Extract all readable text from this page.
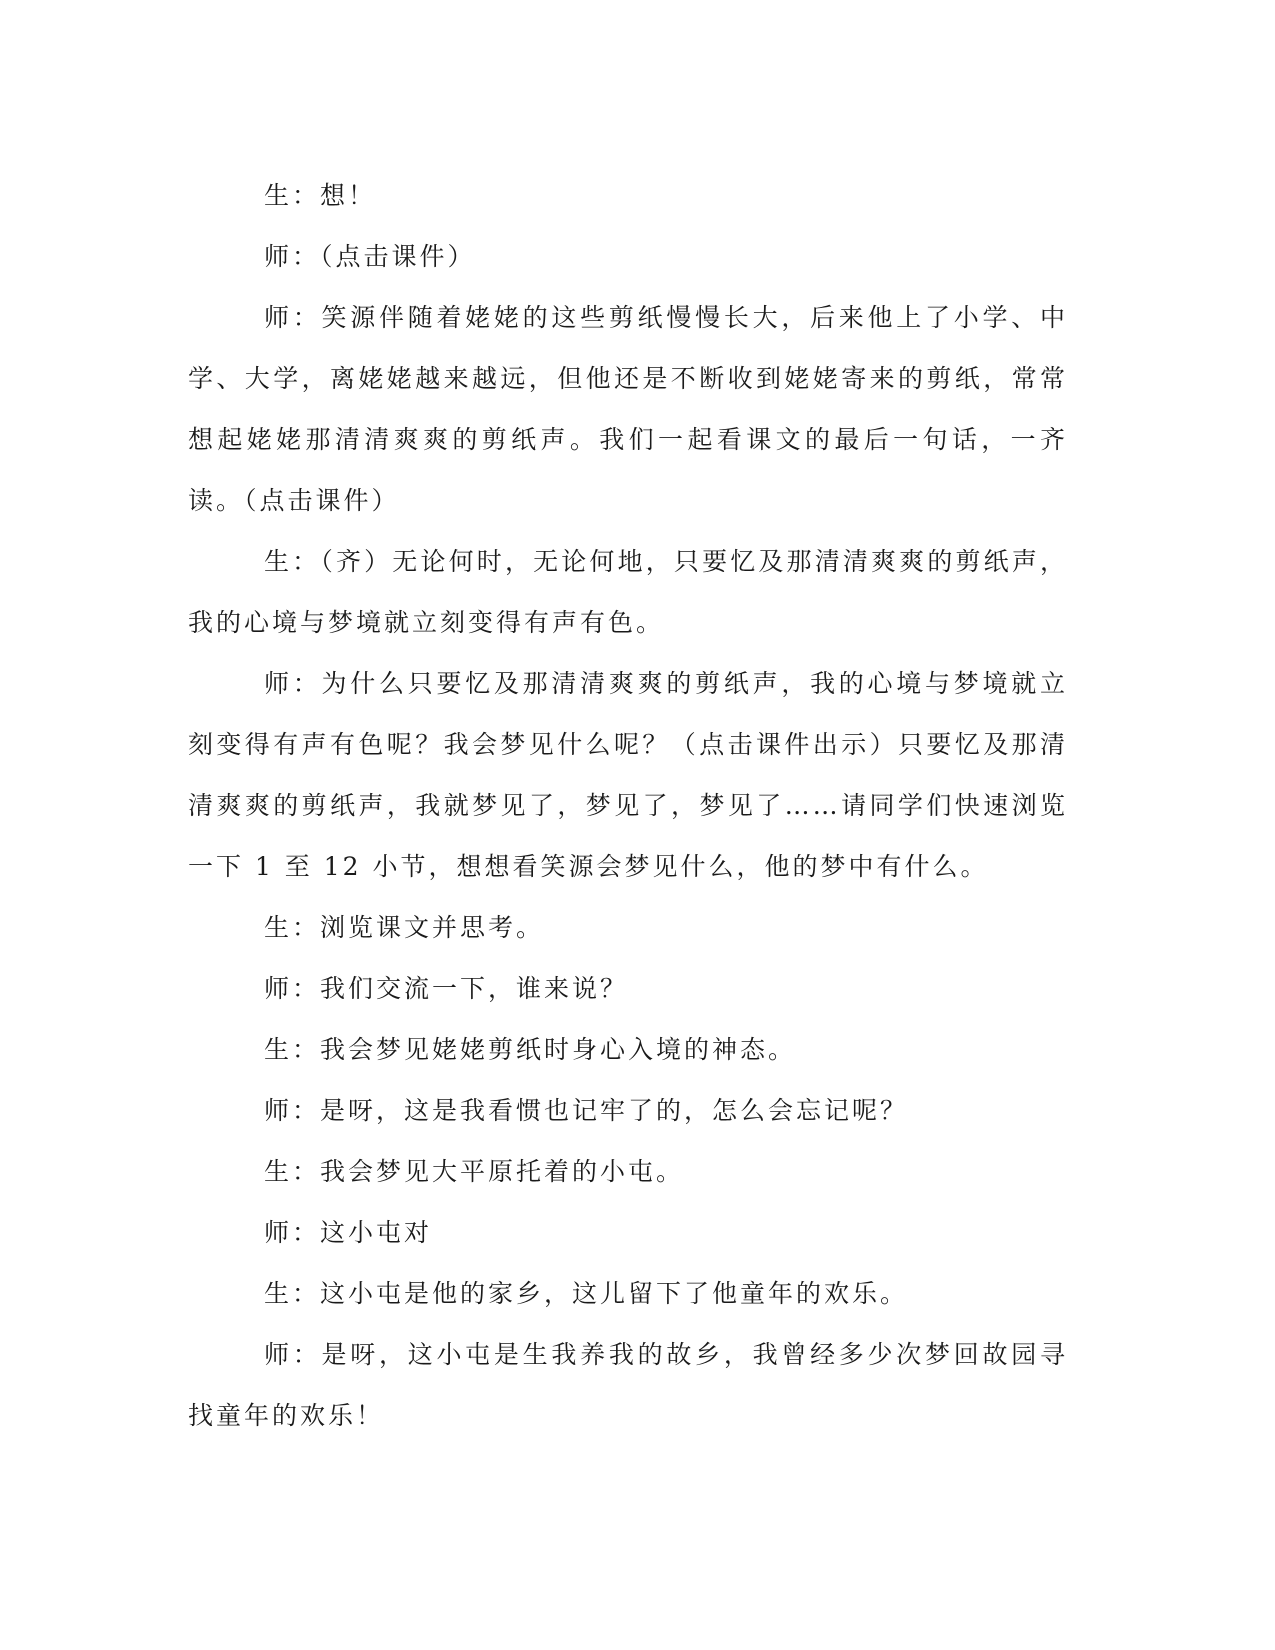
生：想！

师：（点击课件）

师：笑源伴随着姥姥的这些剪纸慢慢长大，后来他上了小学、中学、大学，离姥姥越来越远，但他还是不断收到姥姥寄来的剪纸，常常想起姥姥那清清爽爽的剪纸声。我们一起看课文的最后一句话，一齐读。（点击课件）

生：（齐）无论何时，无论何地，只要忆及那清清爽爽的剪纸声，我的心境与梦境就立刻变得有声有色。

师：为什么只要忆及那清清爽爽的剪纸声，我的心境与梦境就立刻变得有声有色呢？我会梦见什么呢？（点击课件出示）只要忆及那清清爽爽的剪纸声，我就梦见了，梦见了，梦见了……请同学们快速浏览一下 1 至 12 小节，想想看笑源会梦见什么，他的梦中有什么。

生：浏览课文并思考。

师：我们交流一下，谁来说？

生：我会梦见姥姥剪纸时身心入境的神态。

师：是呀，这是我看惯也记牢了的，怎么会忘记呢？

生：我会梦见大平原托着的小屯。

师：这小屯对

生：这小屯是他的家乡，这儿留下了他童年的欢乐。

师：是呀，这小屯是生我养我的故乡，我曾经多少次梦回故园寻找童年的欢乐！
